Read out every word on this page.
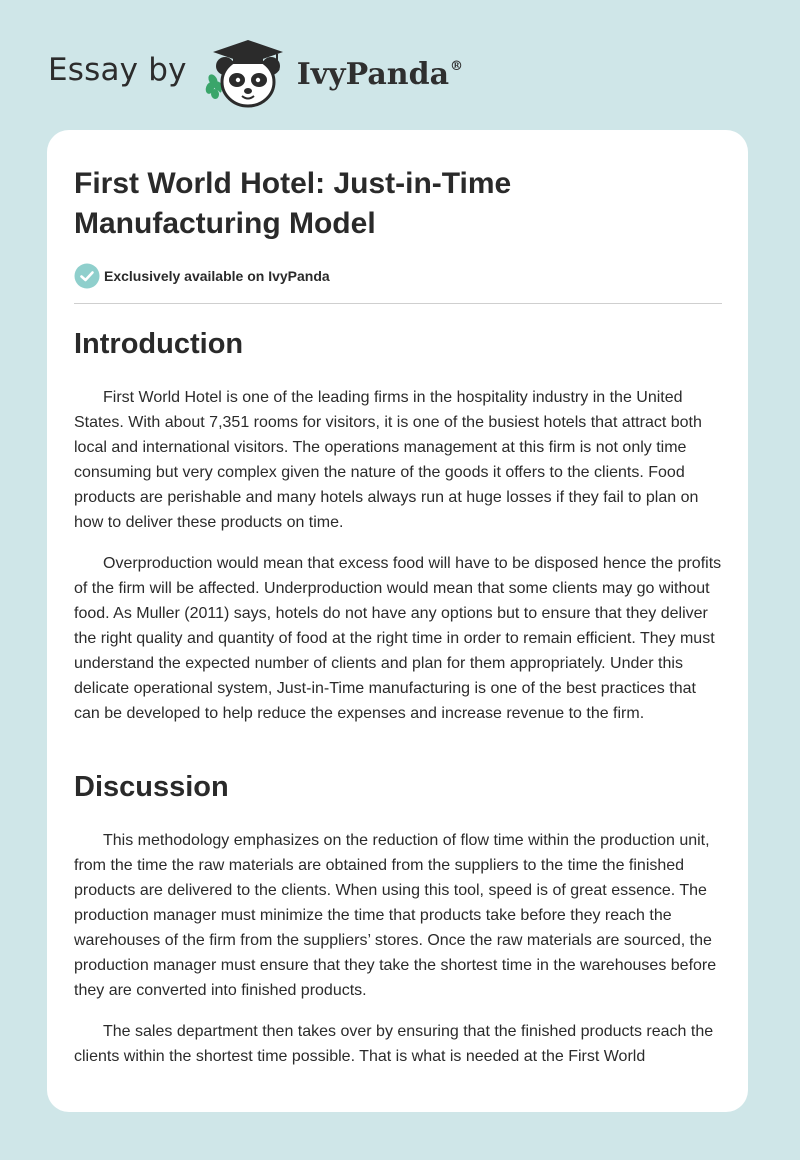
Essay by	IvyPanda®
First World Hotel: Just-in-Time Manufacturing Model
Exclusively available on IvyPanda
Introduction

First World Hotel is one of the leading firms in the hospitality industry in the United States. With about 7,351 rooms for visitors, it is one of the busiest hotels that attract both local and international visitors. The operations management at this firm is not only time consuming but very complex given the nature of the goods it offers to the clients. Food products are perishable and many hotels always run at huge losses if they fail to plan on how to deliver these products on time.

Overproduction would mean that excess food will have to be disposed hence the profits of the firm will be affected. Underproduction would mean that some clients may go without food. As Muller (2011) says, hotels do not have any options but to ensure that they deliver the right quality and quantity of food at the right time in order to remain efficient. They must understand the expected number of clients and plan for them appropriately. Under this delicate operational system, Just-in-Time manufacturing is one of the best practices that can be developed to help reduce the expenses and increase revenue to the firm.

Discussion

This methodology emphasizes on the reduction of flow time within the production unit, from the time the raw materials are obtained from the suppliers to the time the finished products are delivered to the clients. When using this tool, speed is of great essence. The production manager must minimize the time that products take before they reach the warehouses of the firm from the suppliers’ stores. Once the raw materials are sourced, the production manager must ensure that they take the shortest time in the warehouses before they are converted into finished products.

The sales department then takes over by ensuring that the finished products reach the clients within the shortest time possible. That is what is needed at the First World
